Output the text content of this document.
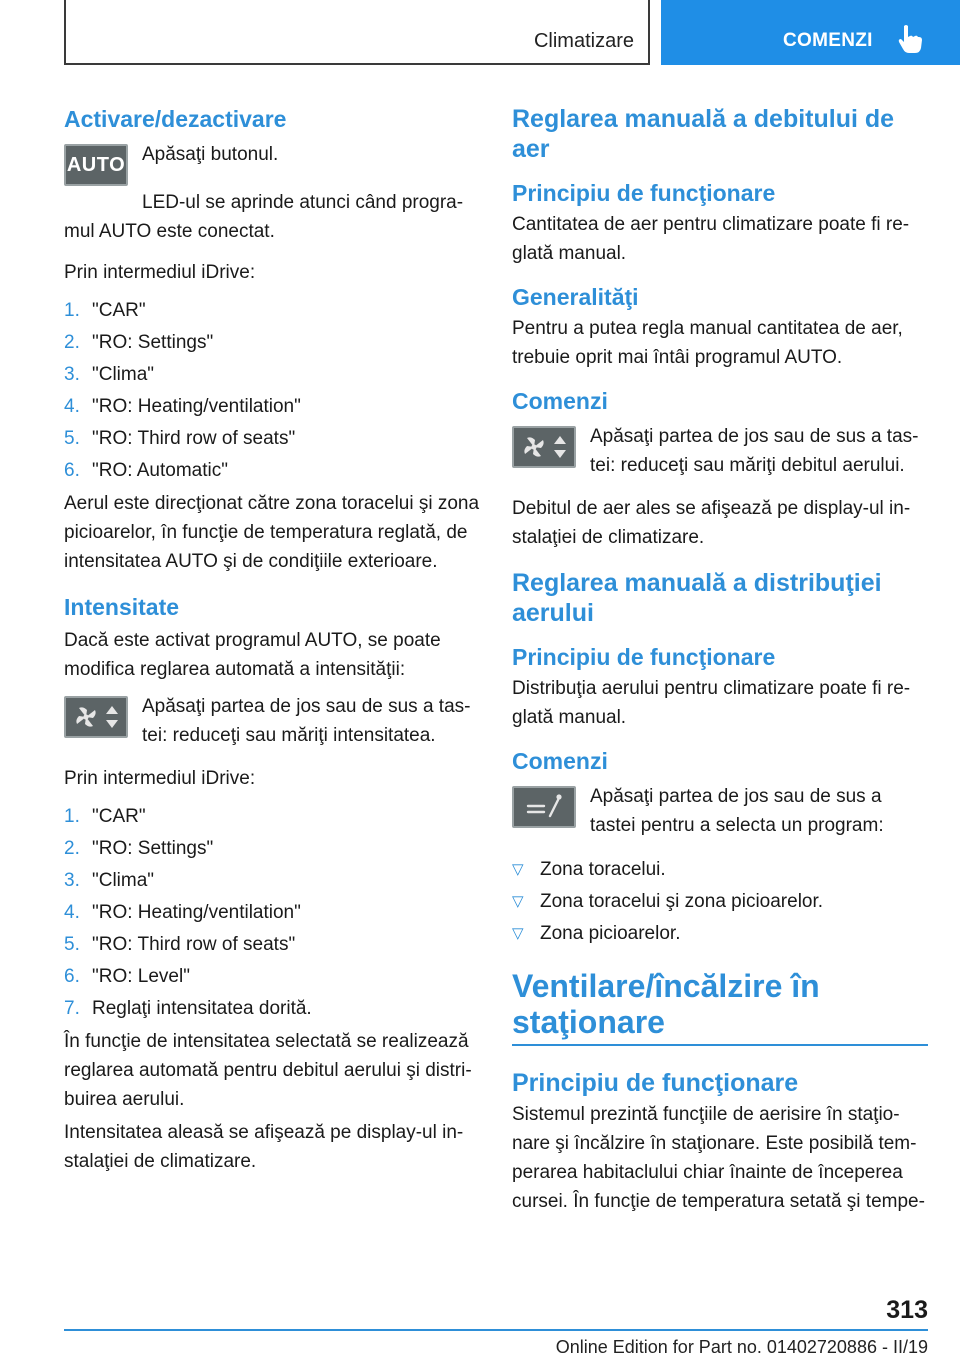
Climatizare	COMENZI
Activare/dezactivare
AUTO Apăsaţi butonul.
LED-ul se aprinde atunci când progra‐mul AUTO este conectat.
Prin intermediul iDrive:
1. "CAR"
2. "RO: Settings"
3. "Clima"
4. "RO: Heating/ventilation"
5. "RO: Third row of seats"
6. "RO: Automatic"
Aerul este direcţionat către zona toracelui şi zona picioarelor, în funcţie de temperatura reglată, de intensitatea AUTO şi de condiţiile exterioare.
Intensitate
Dacă este activat programul AUTO, se poate modifica reglarea automată a intensităţii:
Apăsaţi partea de jos sau de sus a tas‐tei: reduceţi sau măriţi intensitatea.
Prin intermediul iDrive:
1. "CAR"
2. "RO: Settings"
3. "Clima"
4. "RO: Heating/ventilation"
5. "RO: Third row of seats"
6. "RO: Level"
7. Reglaţi intensitatea dorită.
În funcţie de intensitatea selectată se realizează reglarea automată pentru debitul aerului şi distri‐buirea aerului.
Intensitatea aleasă se afişează pe display-ul in‐stalaţiei de climatizare.
Reglarea manuală a debitului de aer
Principiu de funcţionare
Cantitatea de aer pentru climatizare poate fi re‐glată manual.
Generalităţi
Pentru a putea regla manual cantitatea de aer, trebuie oprit mai întâi programul AUTO.
Comenzi
Apăsaţi partea de jos sau de sus a tas‐tei: reduceţi sau măriţi debitul aerului.
Debitul de aer ales se afişează pe display-ul in‐stalaţiei de climatizare.
Reglarea manuală a distribuţiei aerului
Principiu de funcţionare
Distribuţia aerului pentru climatizare poate fi re‐glată manual.
Comenzi
Apăsaţi partea de jos sau de sus a tastei pentru a selecta un program:
▽ Zona toracelui.
▽ Zona toracelui şi zona picioarelor.
▽ Zona picioarelor.
Ventilare/încălzire în staţionare
Principiu de funcţionare
Sistemul prezintă funcţiile de aerisire în staţio‐nare şi încălzire în staţionare. Este posibilă tem‐perarea habitaclului chiar înainte de începerea cursei. În funcţie de temperatura setată şi tempe‐
313
Online Edition for Part no. 01402720886 - II/19
